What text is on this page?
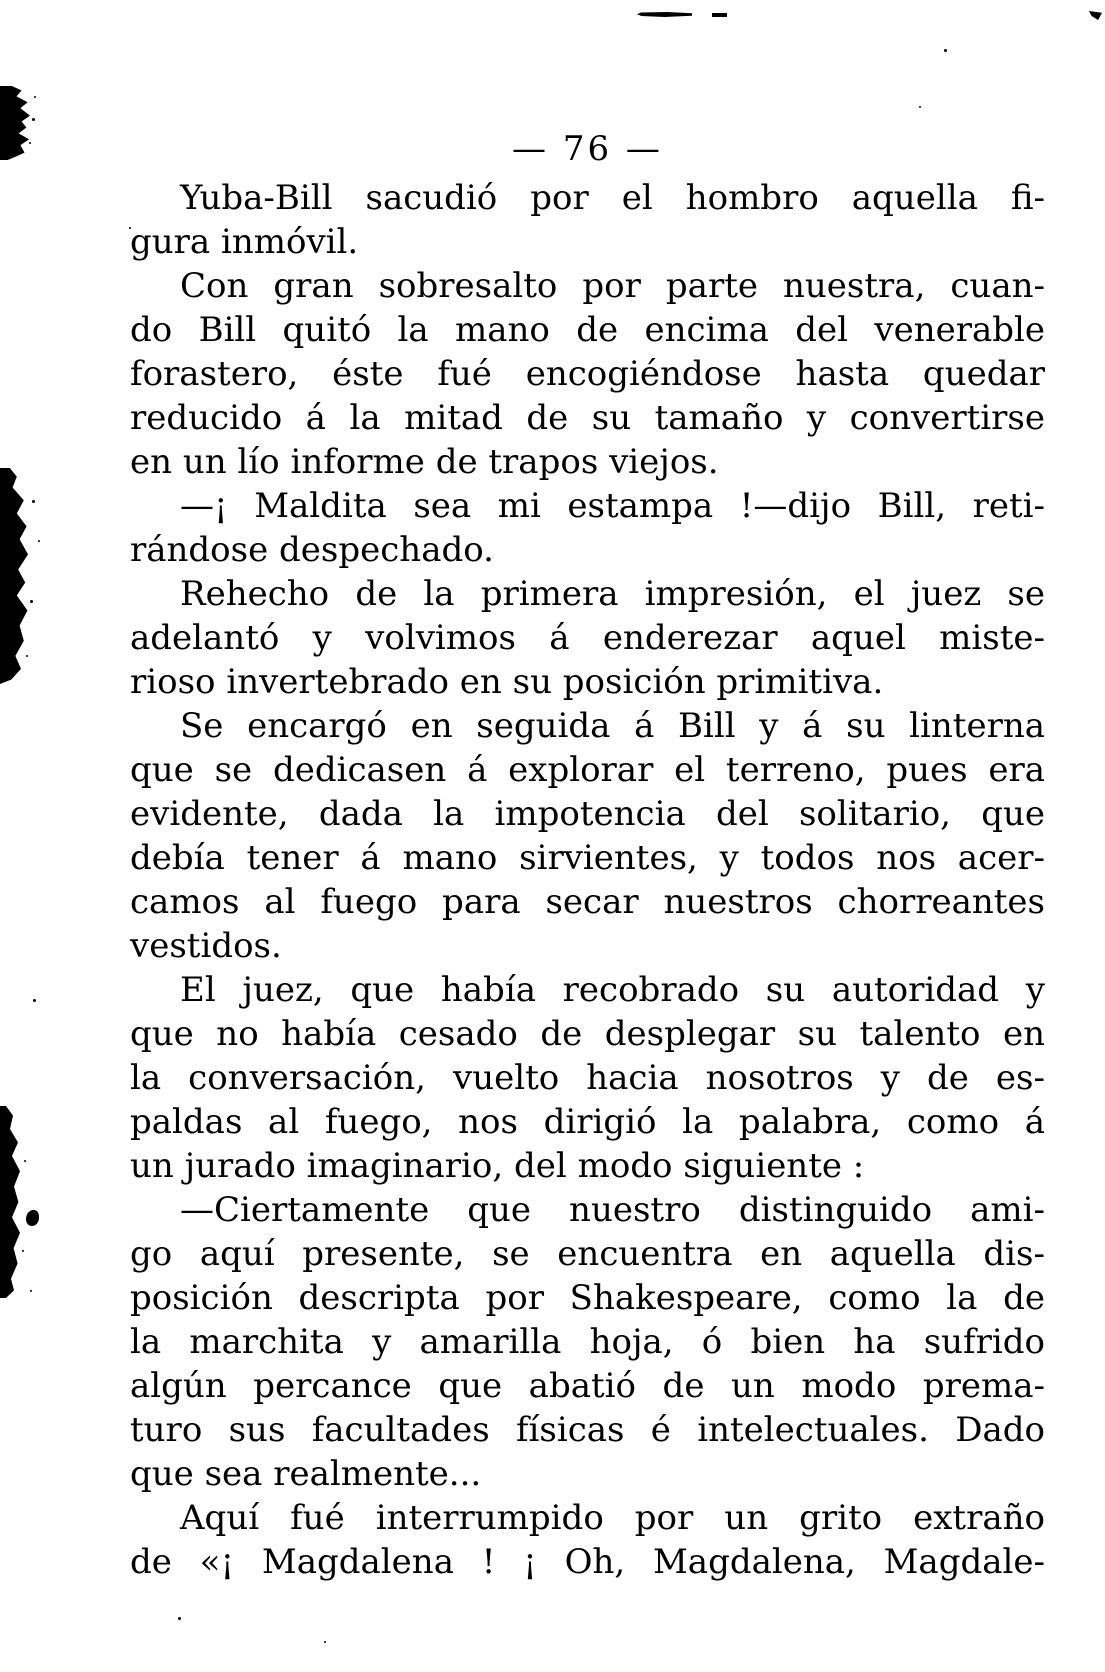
— 76 —
Yuba-Bill sacudió por el hombro aquella fi-
gura inmóvil.
Con gran sobresalto por parte nuestra, cuan-
do Bill quitó la mano de encima del venerable
forastero, éste fué encogiéndose hasta quedar
reducido á la mitad de su tamaño y convertirse
en un lío informe de trapos viejos.
—¡ Maldita sea mi estampa !—dijo Bill, reti-
rándose despechado.
Rehecho de la primera impresión, el juez se
adelantó y volvimos á enderezar aquel miste-
rioso invertebrado en su posición primitiva.
Se encargó en seguida á Bill y á su linterna
que se dedicasen á explorar el terreno, pues era
evidente, dada la impotencia del solitario, que
debía tener á mano sirvientes, y todos nos acer-
camos al fuego para secar nuestros chorreantes
vestidos.
El juez, que había recobrado su autoridad y
que no había cesado de desplegar su talento en
la conversación, vuelto hacia nosotros y de es-
paldas al fuego, nos dirigió la palabra, como á
un jurado imaginario, del modo siguiente :
—Ciertamente que nuestro distinguido ami-
go aquí presente, se encuentra en aquella dis-
posición descripta por Shakespeare, como la de
la marchita y amarilla hoja, ó bien ha sufrido
algún percance que abatió de un modo prema-
turo sus facultades físicas é intelectuales. Dado
que sea realmente...
Aquí fué interrumpido por un grito extraño
de «¡ Magdalena ! ¡ Oh, Magdalena, Magdale-
